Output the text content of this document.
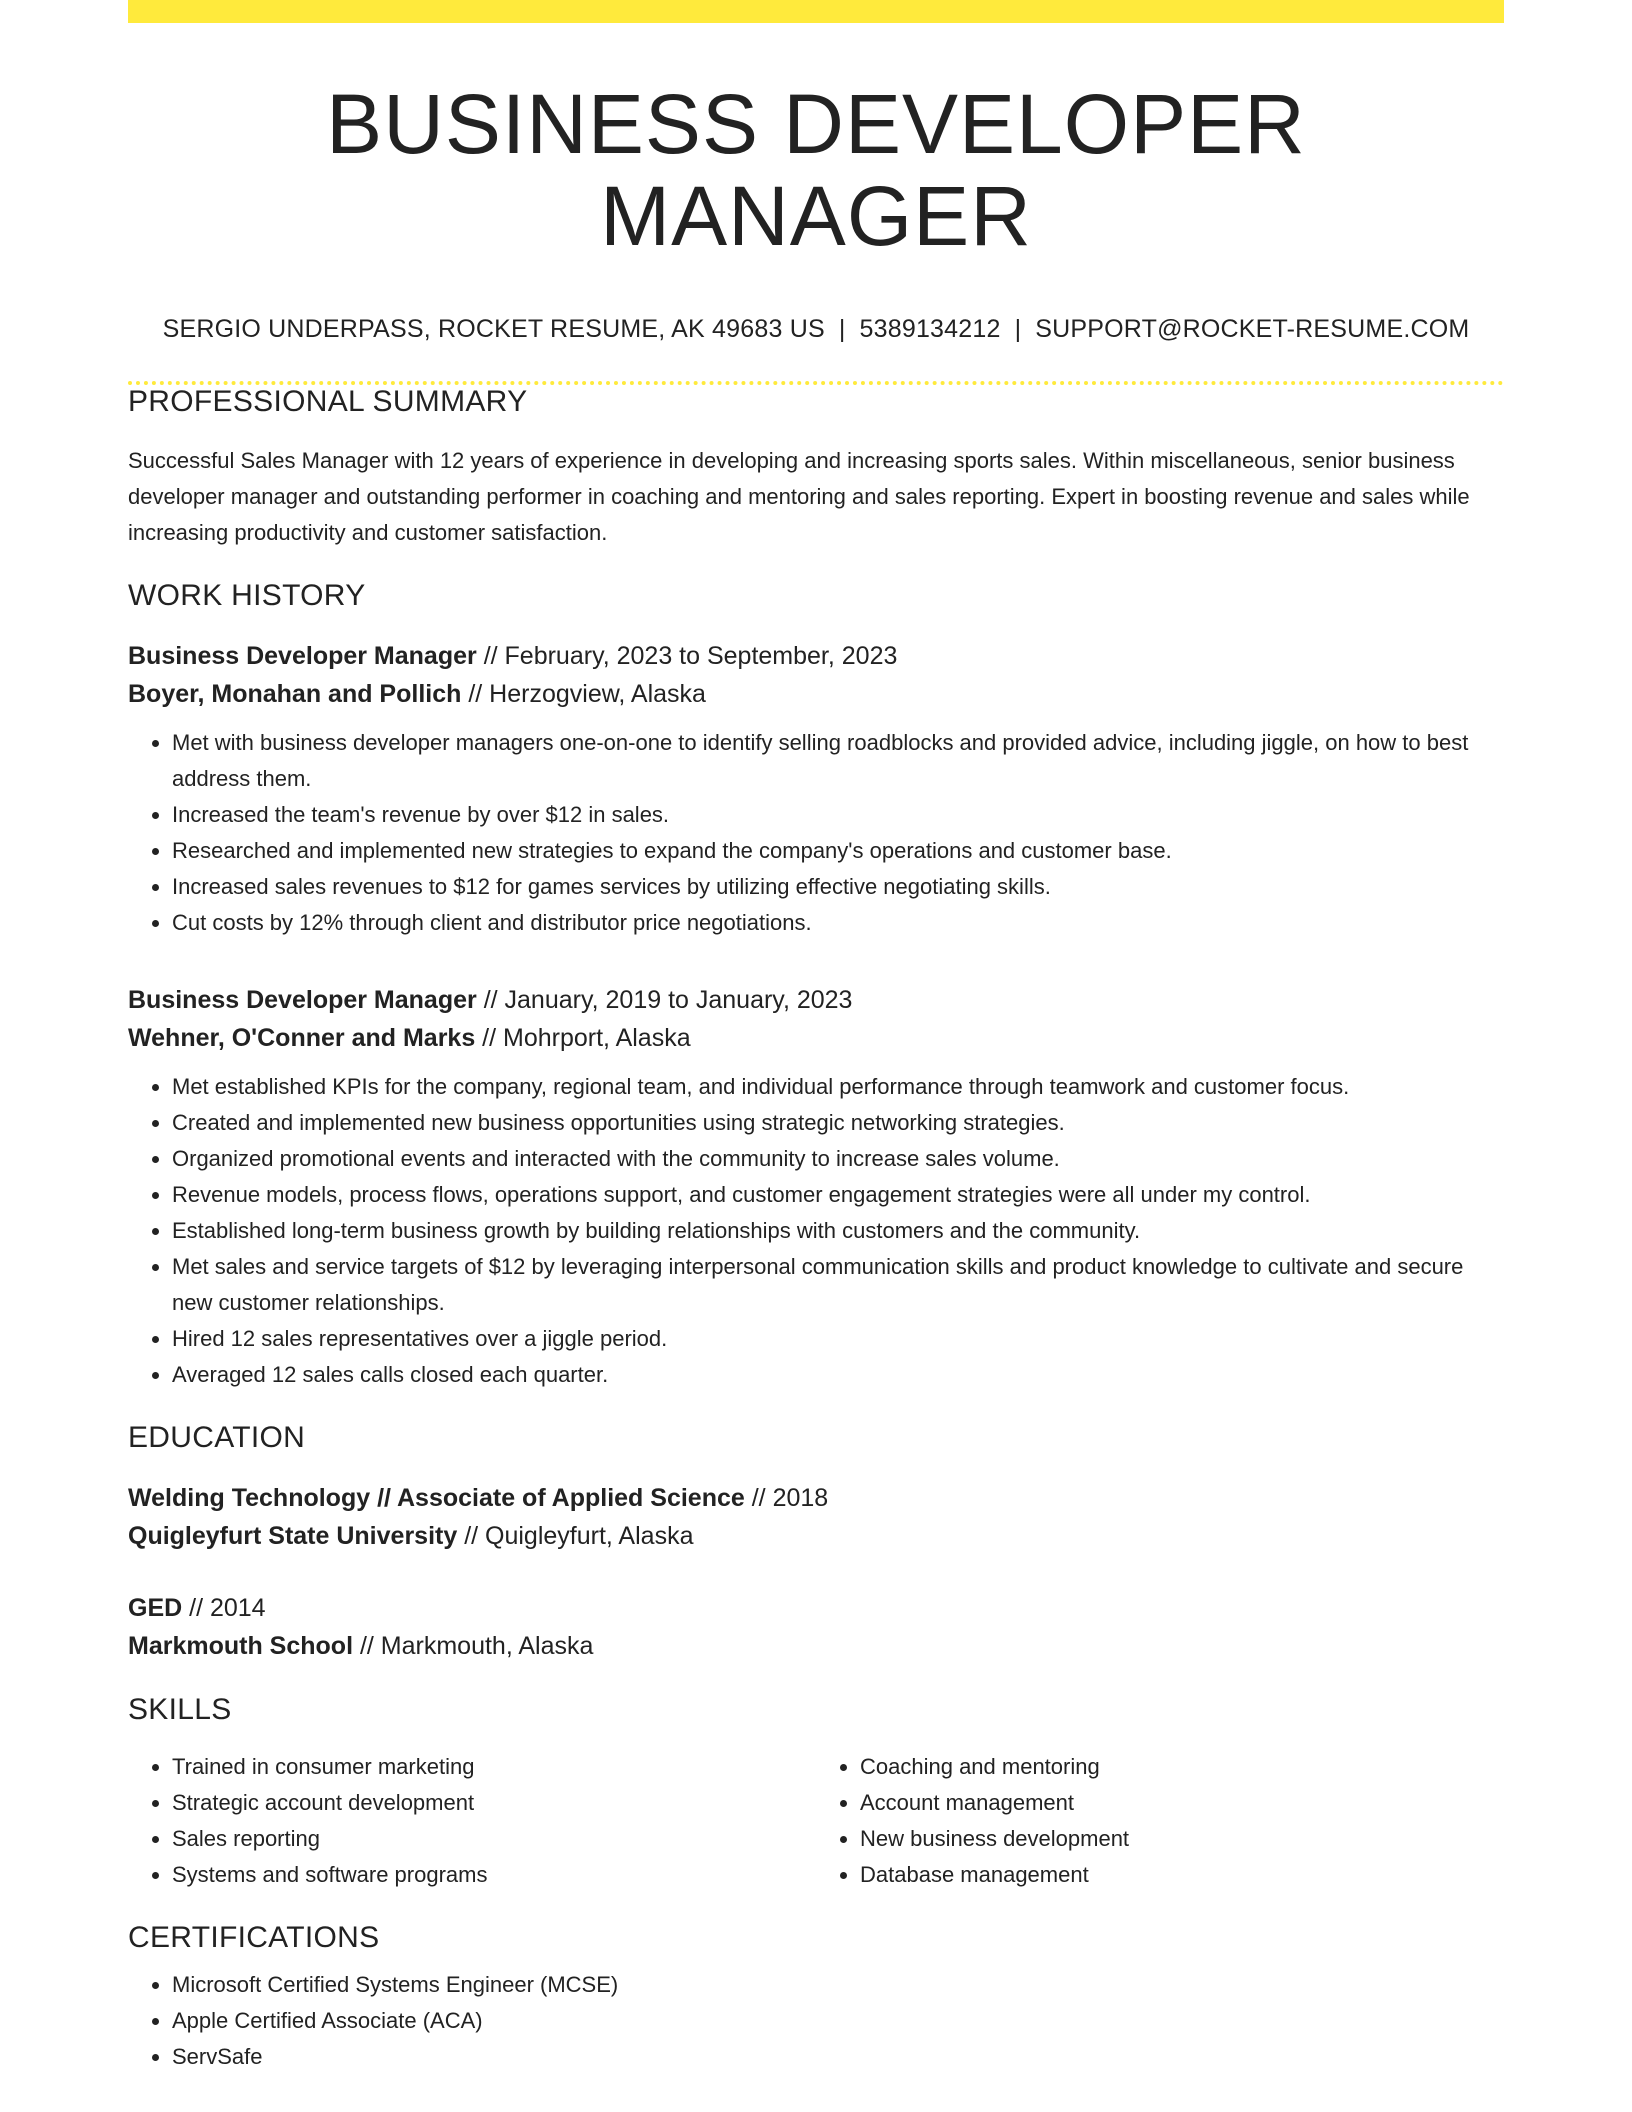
BUSINESS DEVELOPER MANAGER
SERGIO UNDERPASS, ROCKET RESUME, AK 49683 US | 5389134212 | SUPPORT@ROCKET-RESUME.COM
PROFESSIONAL SUMMARY
Successful Sales Manager with 12 years of experience in developing and increasing sports sales. Within miscellaneous, senior business developer manager and outstanding performer in coaching and mentoring and sales reporting. Expert in boosting revenue and sales while increasing productivity and customer satisfaction.
WORK HISTORY
Business Developer Manager // February, 2023 to September, 2023
Boyer, Monahan and Pollich // Herzogview, Alaska
• Met with business developer managers one-on-one to identify selling roadblocks and provided advice, including jiggle, on how to best address them.
• Increased the team's revenue by over $12 in sales.
• Researched and implemented new strategies to expand the company's operations and customer base.
• Increased sales revenues to $12 for games services by utilizing effective negotiating skills.
• Cut costs by 12% through client and distributor price negotiations.
Business Developer Manager // January, 2019 to January, 2023
Wehner, O'Conner and Marks // Mohrport, Alaska
• Met established KPIs for the company, regional team, and individual performance through teamwork and customer focus.
• Created and implemented new business opportunities using strategic networking strategies.
• Organized promotional events and interacted with the community to increase sales volume.
• Revenue models, process flows, operations support, and customer engagement strategies were all under my control.
• Established long-term business growth by building relationships with customers and the community.
• Met sales and service targets of $12 by leveraging interpersonal communication skills and product knowledge to cultivate and secure new customer relationships.
• Hired 12 sales representatives over a jiggle period.
• Averaged 12 sales calls closed each quarter.
EDUCATION
Welding Technology // Associate of Applied Science // 2018
Quigleyfurt State University // Quigleyfurt, Alaska
GED // 2014
Markmouth School // Markmouth, Alaska
SKILLS
• Trained in consumer marketing
• Strategic account development
• Sales reporting
• Systems and software programs
• Coaching and mentoring
• Account management
• New business development
• Database management
CERTIFICATIONS
• Microsoft Certified Systems Engineer (MCSE)
• Apple Certified Associate (ACA)
• ServSafe
